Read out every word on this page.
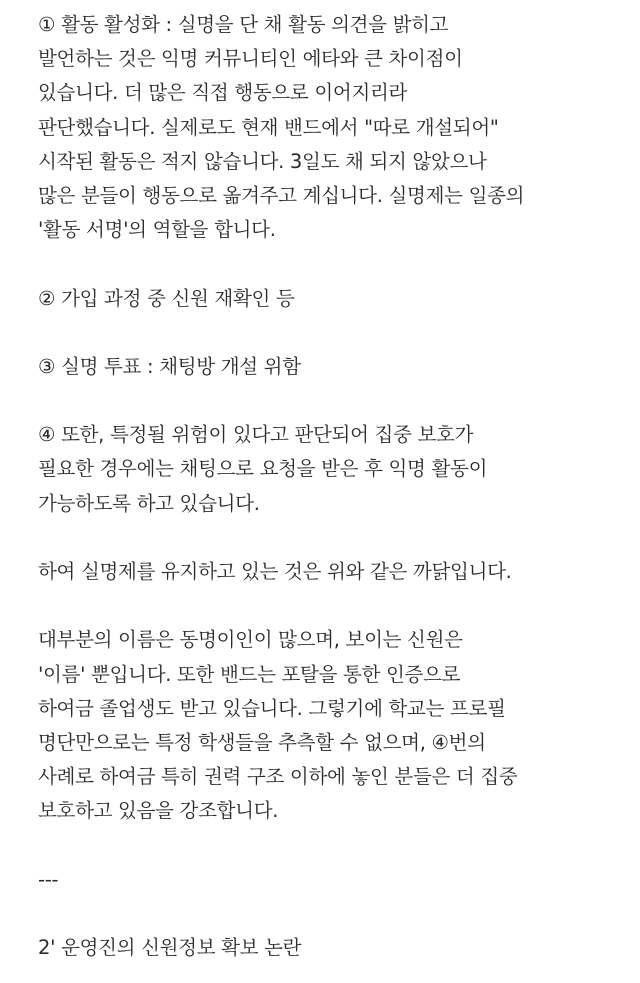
① 활동 활성화 : 실명을 단 채 활동 의견을 밝히고
발언하는 것은 익명 커뮤니티인 에타와 큰 차이점이
있습니다. 더 많은 직접 행동으로 이어지리라
판단했습니다. 실제로도 현재 밴드에서 "따로 개설되어"
시작된 활동은 적지 않습니다. 3일도 채 되지 않았으나
많은 분들이 행동으로 옮겨주고 계십니다. 실명제는 일종의
'활동 서명'의 역할을 합니다.
② 가입 과정 중 신원 재확인 등
③ 실명 투표 : 채팅방 개설 위함
④ 또한, 특정될 위험이 있다고 판단되어 집중 보호가
필요한 경우에는 채팅으로 요청을 받은 후 익명 활동이
가능하도록 하고 있습니다.
하여 실명제를 유지하고 있는 것은 위와 같은 까닭입니다.
대부분의 이름은 동명이인이 많으며, 보이는 신원은
'이름' 뿐입니다. 또한 밴드는 포탈을 통한 인증으로
하여금 졸업생도 받고 있습니다. 그렇기에 학교는 프로필
명단만으로는 특정 학생들을 추측할 수 없으며, ④번의
사례로 하여금 특히 권력 구조 이하에 놓인 분들은 더 집중
보호하고 있음을 강조합니다.
---
2' 운영진의 신원정보 확보 논란
